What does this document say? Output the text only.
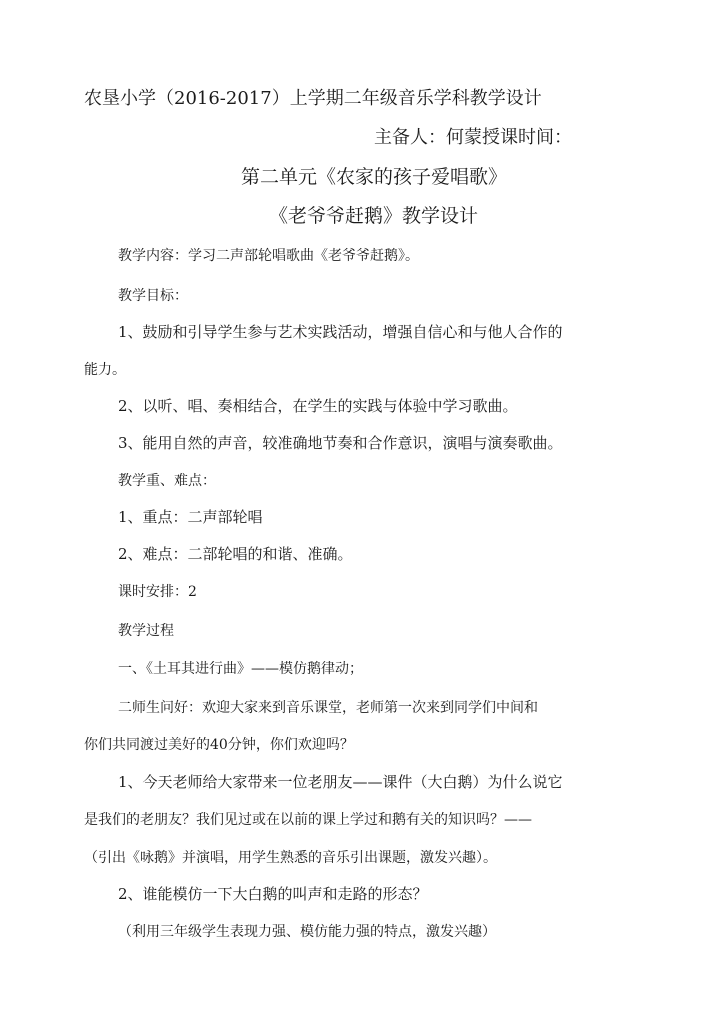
农垦小学（2016-2017）上学期二年级音乐学科教学设计
主备人：何蒙授课时间：
第二单元《农家的孩子爱唱歌》
《老爷爷赶鹅》教学设计
教学内容：学习二声部轮唱歌曲《老爷爷赶鹅》。
教学目标：
1、鼓励和引导学生参与艺术实践活动，增强自信心和与他人合作的
能力。
2、以听、唱、奏相结合，在学生的实践与体验中学习歌曲。
3、能用自然的声音，较准确地节奏和合作意识，演唱与演奏歌曲。
教学重、难点：
1、重点：二声部轮唱
2、难点：二部轮唱的和谐、准确。
课时安排：2
教学过程
一、《土耳其进行曲》——模仿鹅律动；
二师生问好：欢迎大家来到音乐课堂，老师第一次来到同学们中间和
你们共同渡过美好的40分钟，你们欢迎吗？
1、今天老师给大家带来一位老朋友——课件（大白鹅）为什么说它
是我们的老朋友？我们见过或在以前的课上学过和鹅有关的知识吗？——
（引出《咏鹅》并演唱，用学生熟悉的音乐引出课题，激发兴趣）。
2、谁能模仿一下大白鹅的叫声和走路的形态？
（利用三年级学生表现力强、模仿能力强的特点，激发兴趣）
